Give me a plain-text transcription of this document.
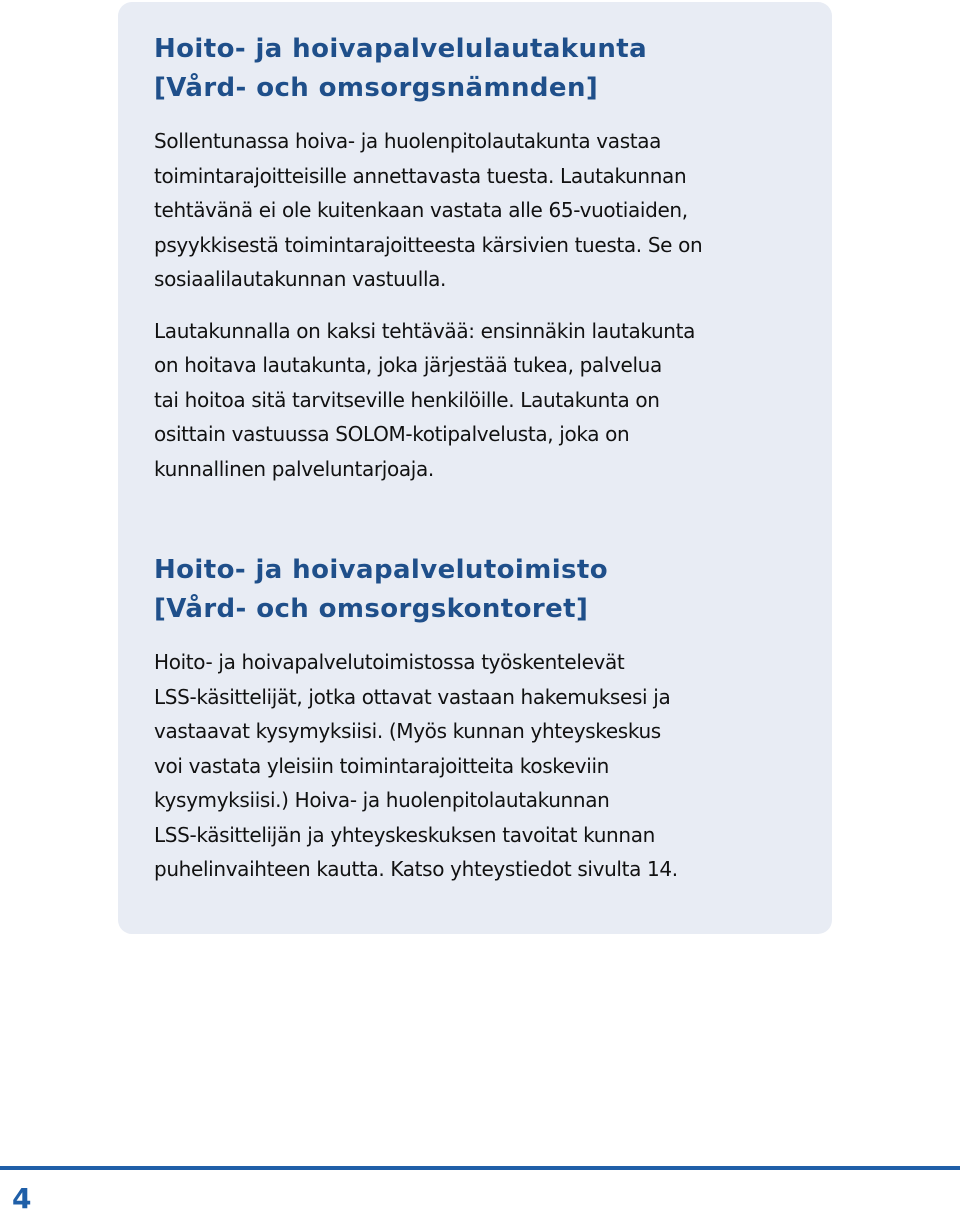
Hoito- ja hoivapalvelulautakunta
[Vård- och omsorgsnämnden]

Sollentunassa hoiva- ja huolenpitolautakunta vastaa
toimintarajoitteisille annettavasta tuesta. Lautakunnan
tehtävänä ei ole kuitenkaan vastata alle 65-vuotiaiden,
psyykkisestä toimintarajoitteesta kärsivien tuesta. Se on
sosiaalilautakunnan vastuulla.

Lautakunnalla on kaksi tehtävää: ensinnäkin lautakunta
on hoitava lautakunta, joka järjestää tukea, palvelua
tai hoitoa sitä tarvitseville henkilöille. Lautakunta on
osittain vastuussa SOLOM-kotipalvelusta, joka on
kunnallinen palveluntarjoaja.

Hoito- ja hoivapalvelutoimisto
[Vård- och omsorgskontoret]

Hoito- ja hoivapalvelutoimistossa työskentelevät
LSS-käsittelijät, jotka ottavat vastaan hakemuksesi ja
vastaavat kysymyksiisi. (Myös kunnan yhteyskeskus
voi vastata yleisiin toimintarajoitteita koskeviin
kysymyksiisi.) Hoiva- ja huolenpitolautakunnan
LSS-käsittelijän ja yhteyskeskuksen tavoitat kunnan
puhelinvaihteen kautta. Katso yhteystiedot sivulta 14.

4
